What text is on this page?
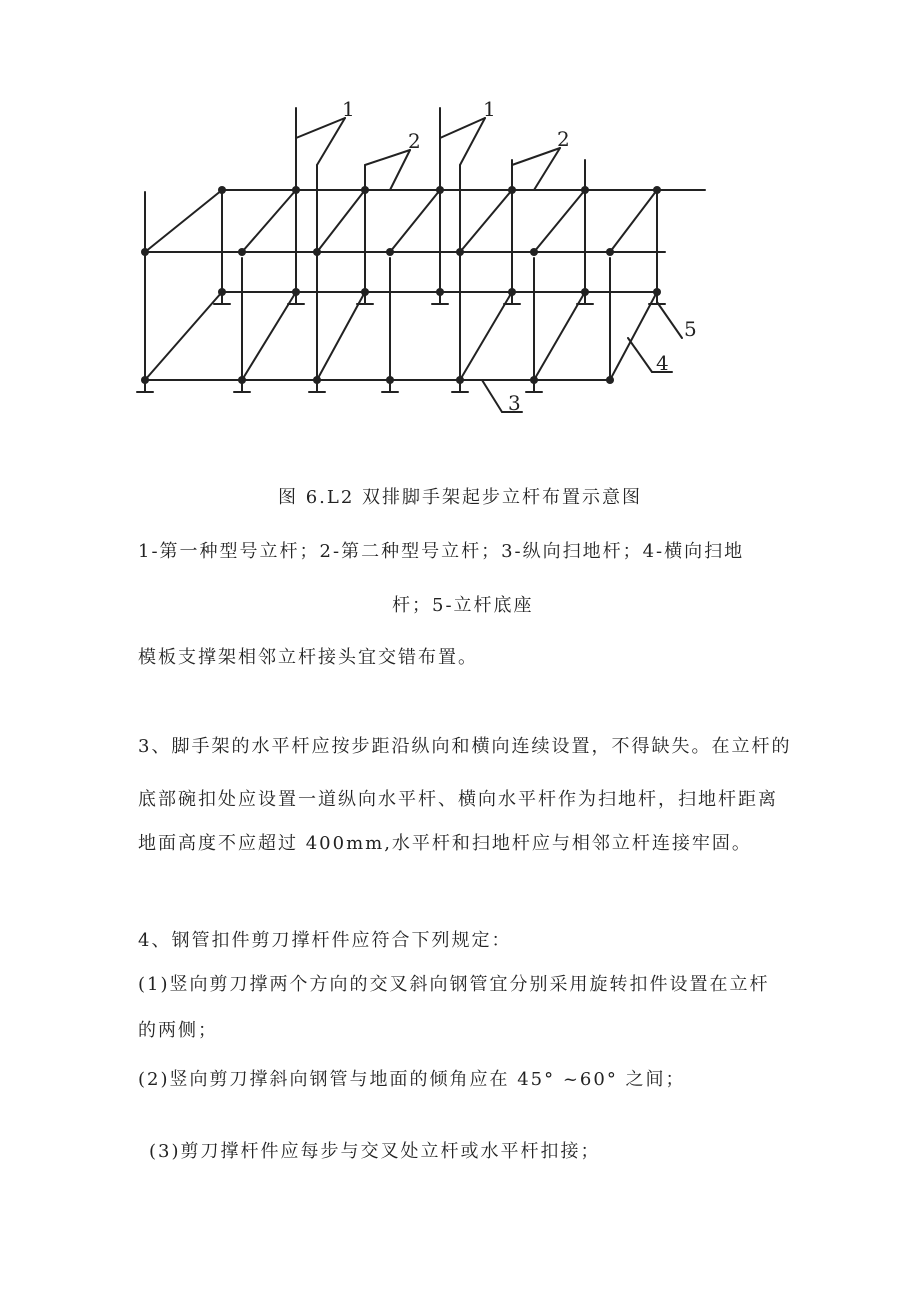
1
2
1
2
5
4
3
图 6.L2 双排脚手架起步立杆布置示意图
1-第一种型号立杆；2-第二种型号立杆；3-纵向扫地杆；4-横向扫地
杆；5-立杆底座
模板支撑架相邻立杆接头宜交错布置。
3、脚手架的水平杆应按步距沿纵向和横向连续设置，不得缺失。在立杆的
底部碗扣处应设置一道纵向水平杆、横向水平杆作为扫地杆，扫地杆距离
地面高度不应超过 400mm,水平杆和扫地杆应与相邻立杆连接牢固。
4、钢管扣件剪刀撑杆件应符合下列规定：
(1)竖向剪刀撑两个方向的交叉斜向钢管宜分别采用旋转扣件设置在立杆
的两侧；
(2)竖向剪刀撑斜向钢管与地面的倾角应在 45° ~60° 之间；
(3)剪刀撑杆件应每步与交叉处立杆或水平杆扣接；
